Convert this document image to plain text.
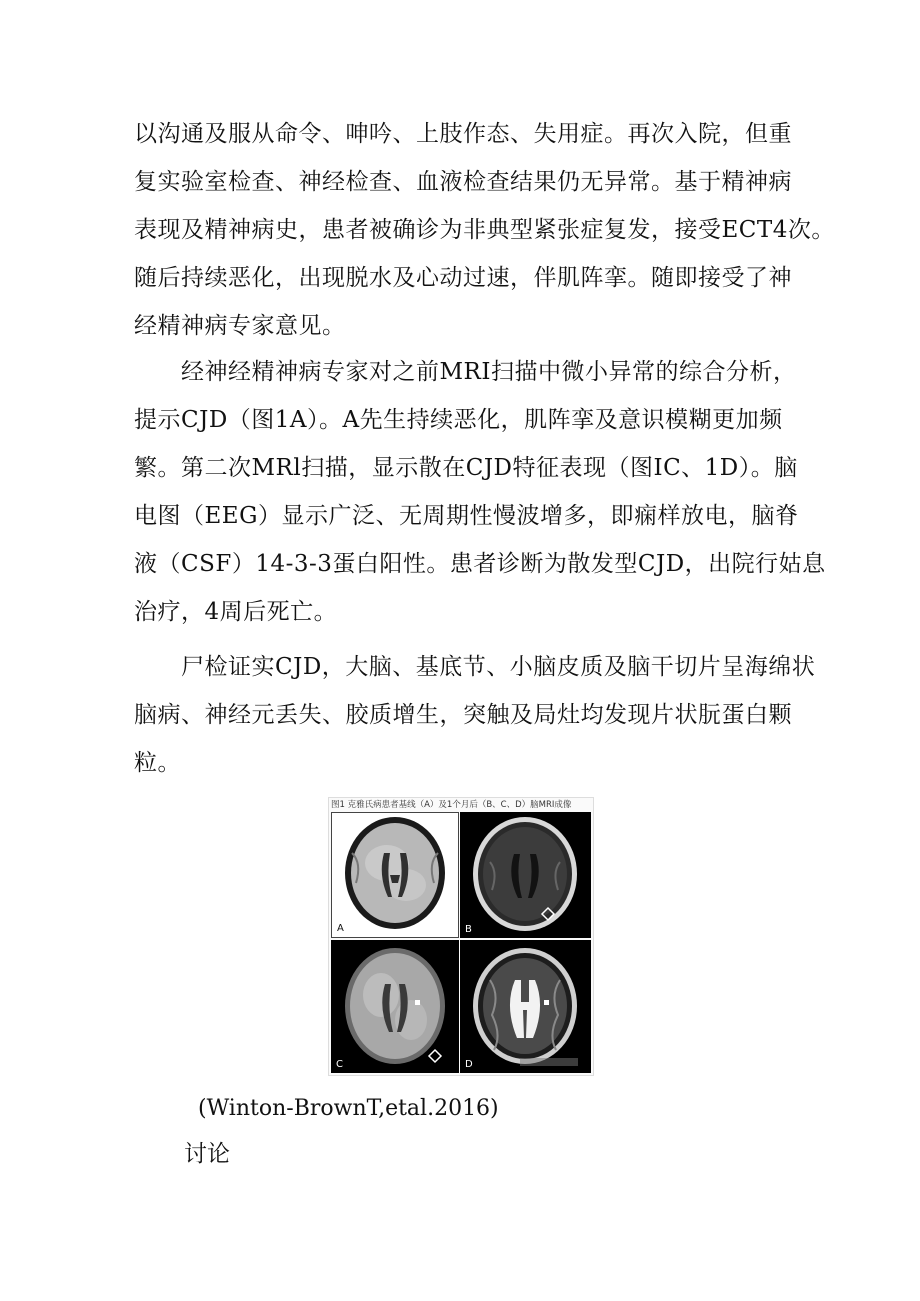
以沟通及服从命令、呻吟、上肢作态、失用症。再次入院，但重
复实验室检查、神经检查、血液检查结果仍无异常。基于精神病
表现及精神病史，患者被确诊为非典型紧张症复发，接受ECT4次。
随后持续恶化，出现脱水及心动过速，伴肌阵挛。随即接受了神
经精神病专家意见。
　　经神经精神病专家对之前MRI扫描中微小异常的综合分析，
提示CJD（图1A）。A先生持续恶化，肌阵挛及意识模糊更加频
繁。第二次MRl扫描，显示散在CJD特征表现（图IC、1D）。脑
电图（EEG）显示广泛、无周期性慢波增多，即痫样放电，脑脊
液（CSF）14-3-3蛋白阳性。患者诊断为散发型CJD，出院行姑息
治疗，4周后死亡。
　　尸检证实CJD，大脑、基底节、小脑皮质及脑干切片呈海绵状
脑病、神经元丢失、胶质增生，突触及局灶均发现片状朊蛋白颗
粒。
图1 克雅氏病患者基线（A）及1个月后（B、C、D）脑MRI成像
A	B
C	D
(Winton-BrownT,etal.2016)
讨论
